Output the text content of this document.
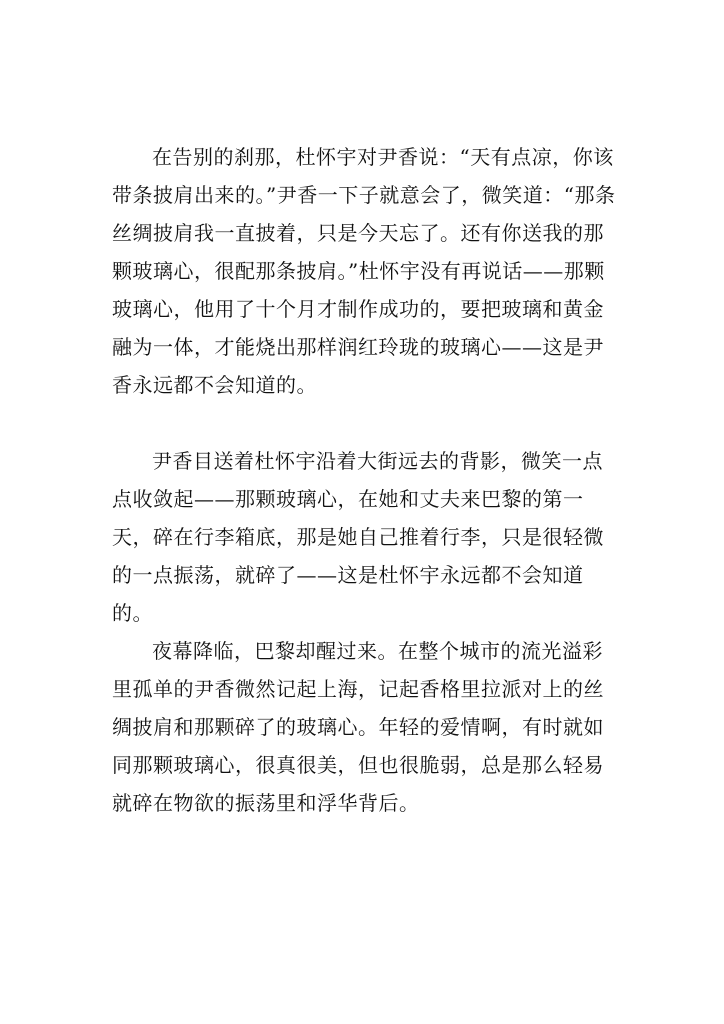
在告别的刹那，杜怀宇对尹香说：“天有点凉，你该带条披肩出来的。”尹香一下子就意会了，微笑道：“那条丝绸披肩我一直披着，只是今天忘了。还有你送我的那颗玻璃心，很配那条披肩。”杜怀宇没有再说话——那颗玻璃心，他用了十个月才制作成功的，要把玻璃和黄金融为一体，才能烧出那样润红玲珑的玻璃心——这是尹香永远都不会知道的。

尹香目送着杜怀宇沿着大街远去的背影，微笑一点点收敛起——那颗玻璃心，在她和丈夫来巴黎的第一天，碎在行李箱底，那是她自己推着行李，只是很轻微的一点振荡，就碎了——这是杜怀宇永远都不会知道的。

夜幕降临，巴黎却醒过来。在整个城市的流光溢彩里孤单的尹香微然记起上海，记起香格里拉派对上的丝绸披肩和那颗碎了的玻璃心。年轻的爱情啊，有时就如同那颗玻璃心，很真很美，但也很脆弱，总是那么轻易就碎在物欲的振荡里和浮华背后。
